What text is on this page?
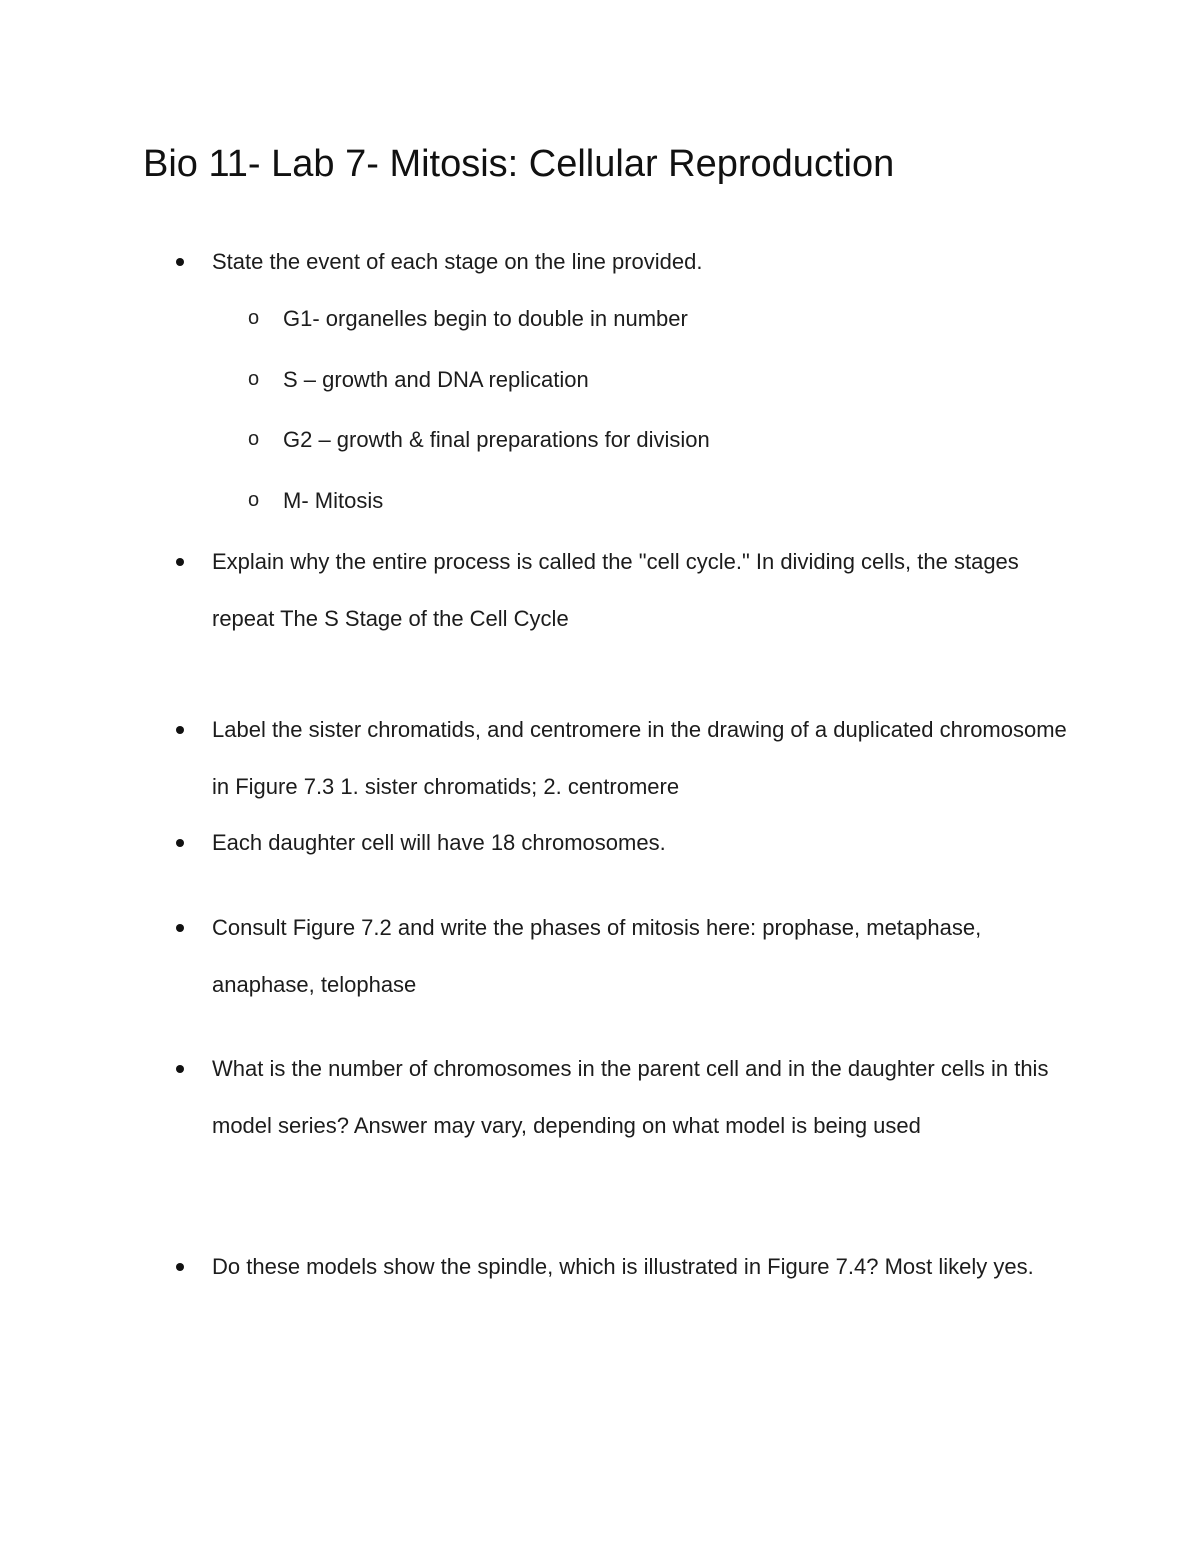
Bio 11- Lab 7- Mitosis: Cellular Reproduction
State the event of each stage on the line provided.
o G1- organelles begin to double in number
o S – growth and DNA replication
o G2 – growth & final preparations for division
o M- Mitosis
Explain why the entire process is called the "cell cycle." In dividing cells, the stages repeat The S Stage of the Cell Cycle
Label the sister chromatids, and centromere in the drawing of a duplicated chromosome in Figure 7.3 1. sister chromatids; 2. centromere
Each daughter cell will have 18 chromosomes.
Consult Figure 7.2 and write the phases of mitosis here: prophase, metaphase, anaphase, telophase
What is the number of chromosomes in the parent cell and in the daughter cells in this model series? Answer may vary, depending on what model is being used
Do these models show the spindle, which is illustrated in Figure 7.4? Most likely yes.
